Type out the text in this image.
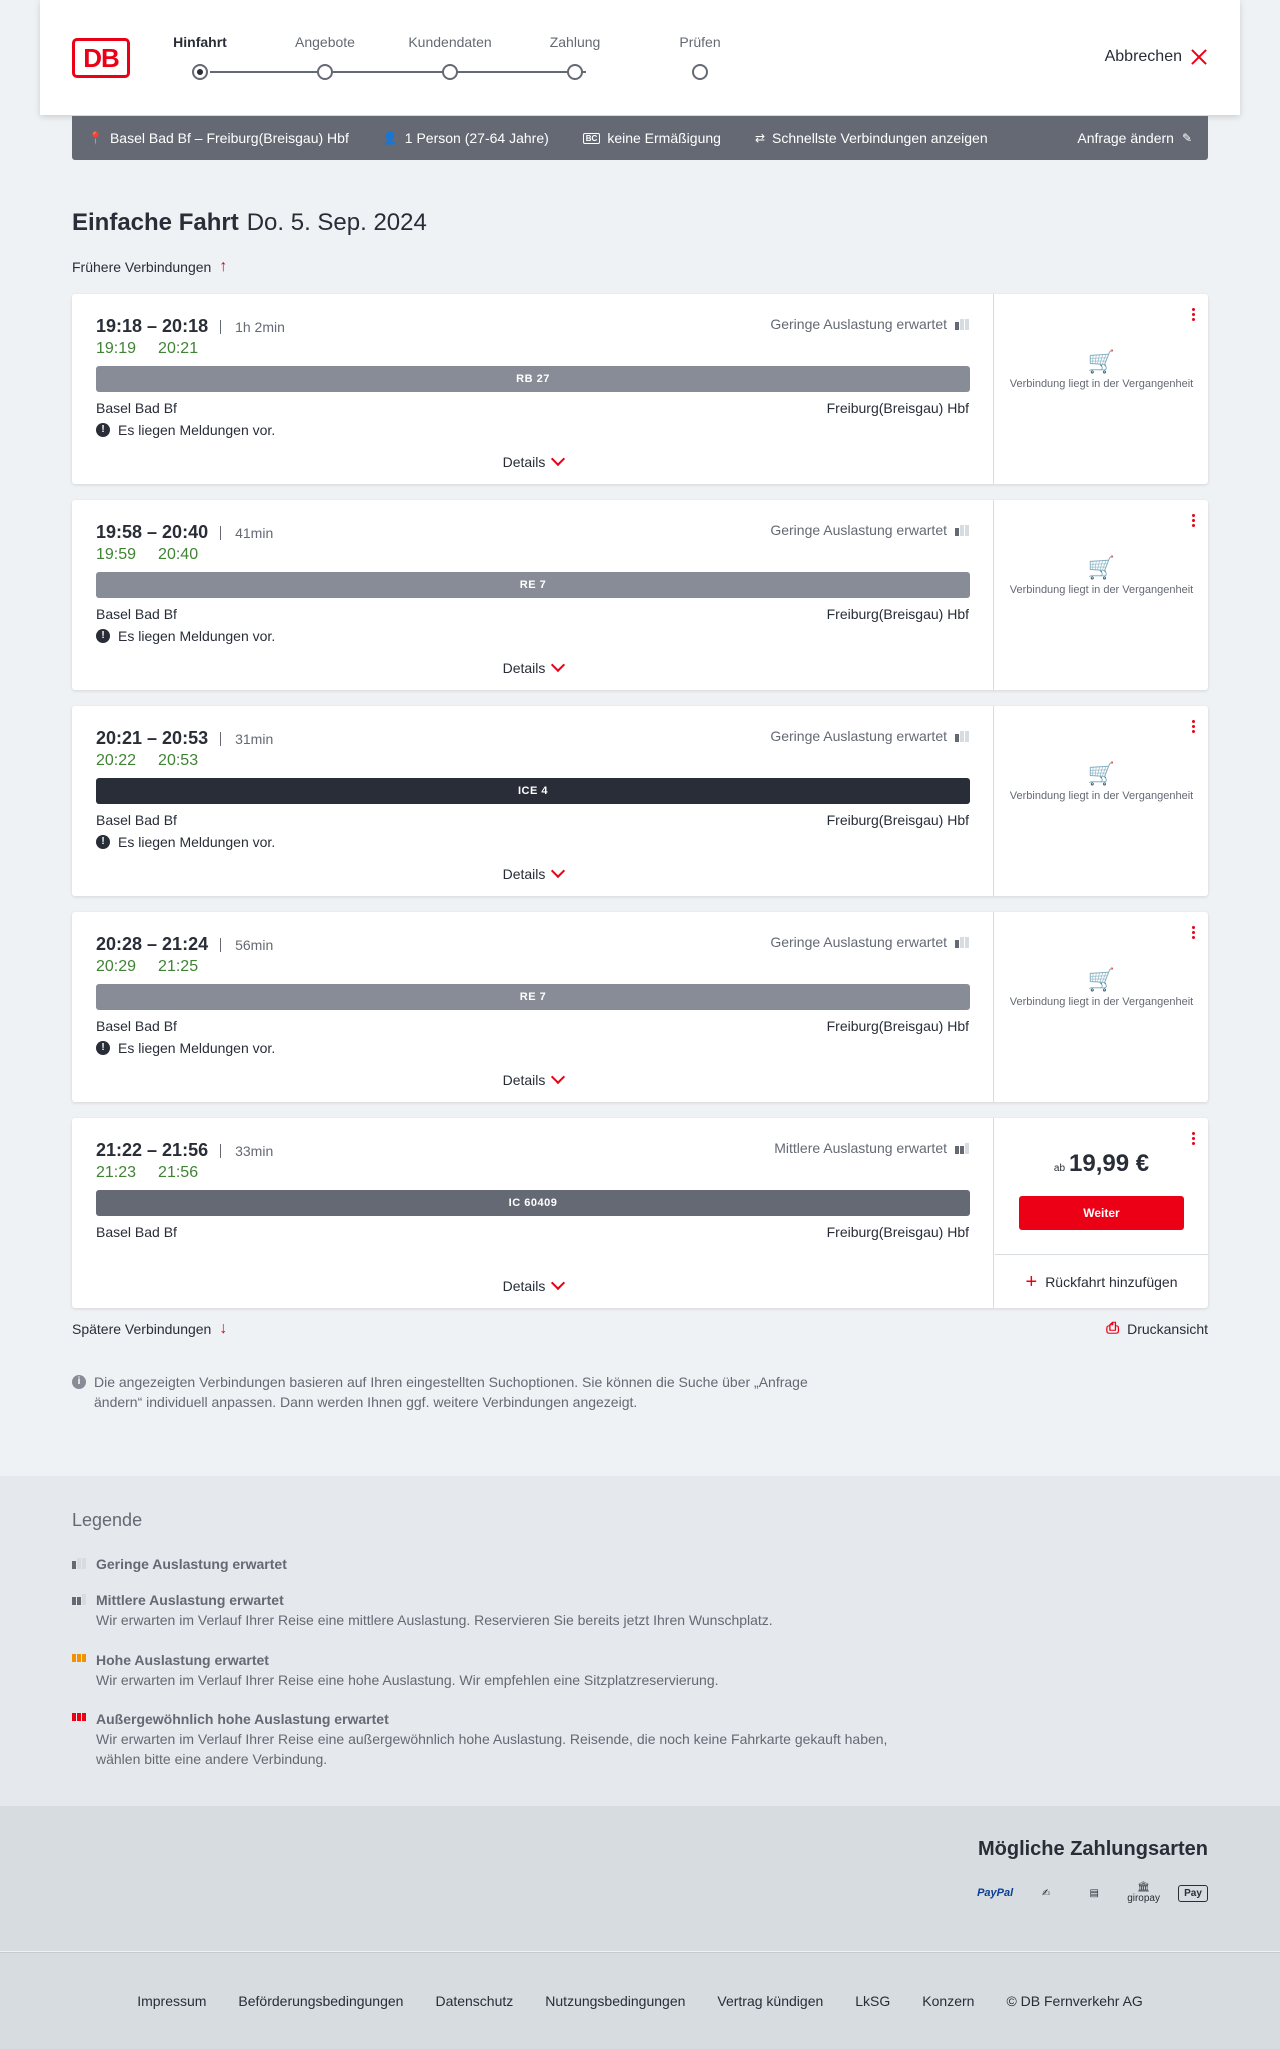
DB
Hinfahrt	Angebote	Kundendaten	Zahlung	Prüfen
Abbrechen
📍 Basel Bad Bf – Freiburg(Breisgau) Hbf	👤 1 Person (27-64 Jahre)	BC keine Ermäßigung	⇄ Schnellste Verbindungen anzeigen	Anfrage ändern ✎
Einfache Fahrt Do. 5. Sep. 2024
Frühere Verbindungen ↑
19:18 – 20:18	1h 2min
19:19 20:21
Geringe Auslastung erwartet
RB 27
Basel Bad Bf	Freiburg(Breisgau) Hbf
! Es liegen Meldungen vor.
Details
🛒
Verbindung liegt in der Vergangenheit
19:58 – 20:40	41min
19:59 20:40
Geringe Auslastung erwartet
RE 7
Basel Bad Bf	Freiburg(Breisgau) Hbf
! Es liegen Meldungen vor.
Details
🛒
Verbindung liegt in der Vergangenheit
20:21 – 20:53	31min
20:22 20:53
Geringe Auslastung erwartet
ICE 4
Basel Bad Bf	Freiburg(Breisgau) Hbf
! Es liegen Meldungen vor.
Details
🛒
Verbindung liegt in der Vergangenheit
20:28 – 21:24	56min
20:29 21:25
Geringe Auslastung erwartet
RE 7
Basel Bad Bf	Freiburg(Breisgau) Hbf
! Es liegen Meldungen vor.
Details
🛒
Verbindung liegt in der Vergangenheit
21:22 – 21:56	33min
21:23 21:56
Mittlere Auslastung erwartet
IC 60409
Basel Bad Bf	Freiburg(Breisgau) Hbf
Details
ab 19,99 €
Weiter
+ Rückfahrt hinzufügen
Spätere Verbindungen ↓	⎙ Druckansicht
i Die angezeigten Verbindungen basieren auf Ihren eingestellten Suchoptionen. Sie können die Suche über „Anfrage ändern“ individuell anpassen. Dann werden Ihnen ggf. weitere Verbindungen angezeigt.
Legende
Geringe Auslastung erwartet
Mittlere Auslastung erwartet
Wir erwarten im Verlauf Ihrer Reise eine mittlere Auslastung. Reservieren Sie bereits jetzt Ihren Wunschplatz.
Hohe Auslastung erwartet
Wir erwarten im Verlauf Ihrer Reise eine hohe Auslastung. Wir empfehlen eine Sitzplatzreservierung.
Außergewöhnlich hohe Auslastung erwartet
Wir erwarten im Verlauf Ihrer Reise eine außergewöhnlich hohe Auslastung. Reisende, die noch keine Fahrkarte gekauft haben, wählen bitte eine andere Verbindung.
Mögliche Zahlungsarten
PayPal	✍	▤	🏛
giropay	Pay
Impressum Beförderungsbedingungen Datenschutz Nutzungsbedingungen Vertrag kündigen LkSG Konzern © DB Fernverkehr AG
